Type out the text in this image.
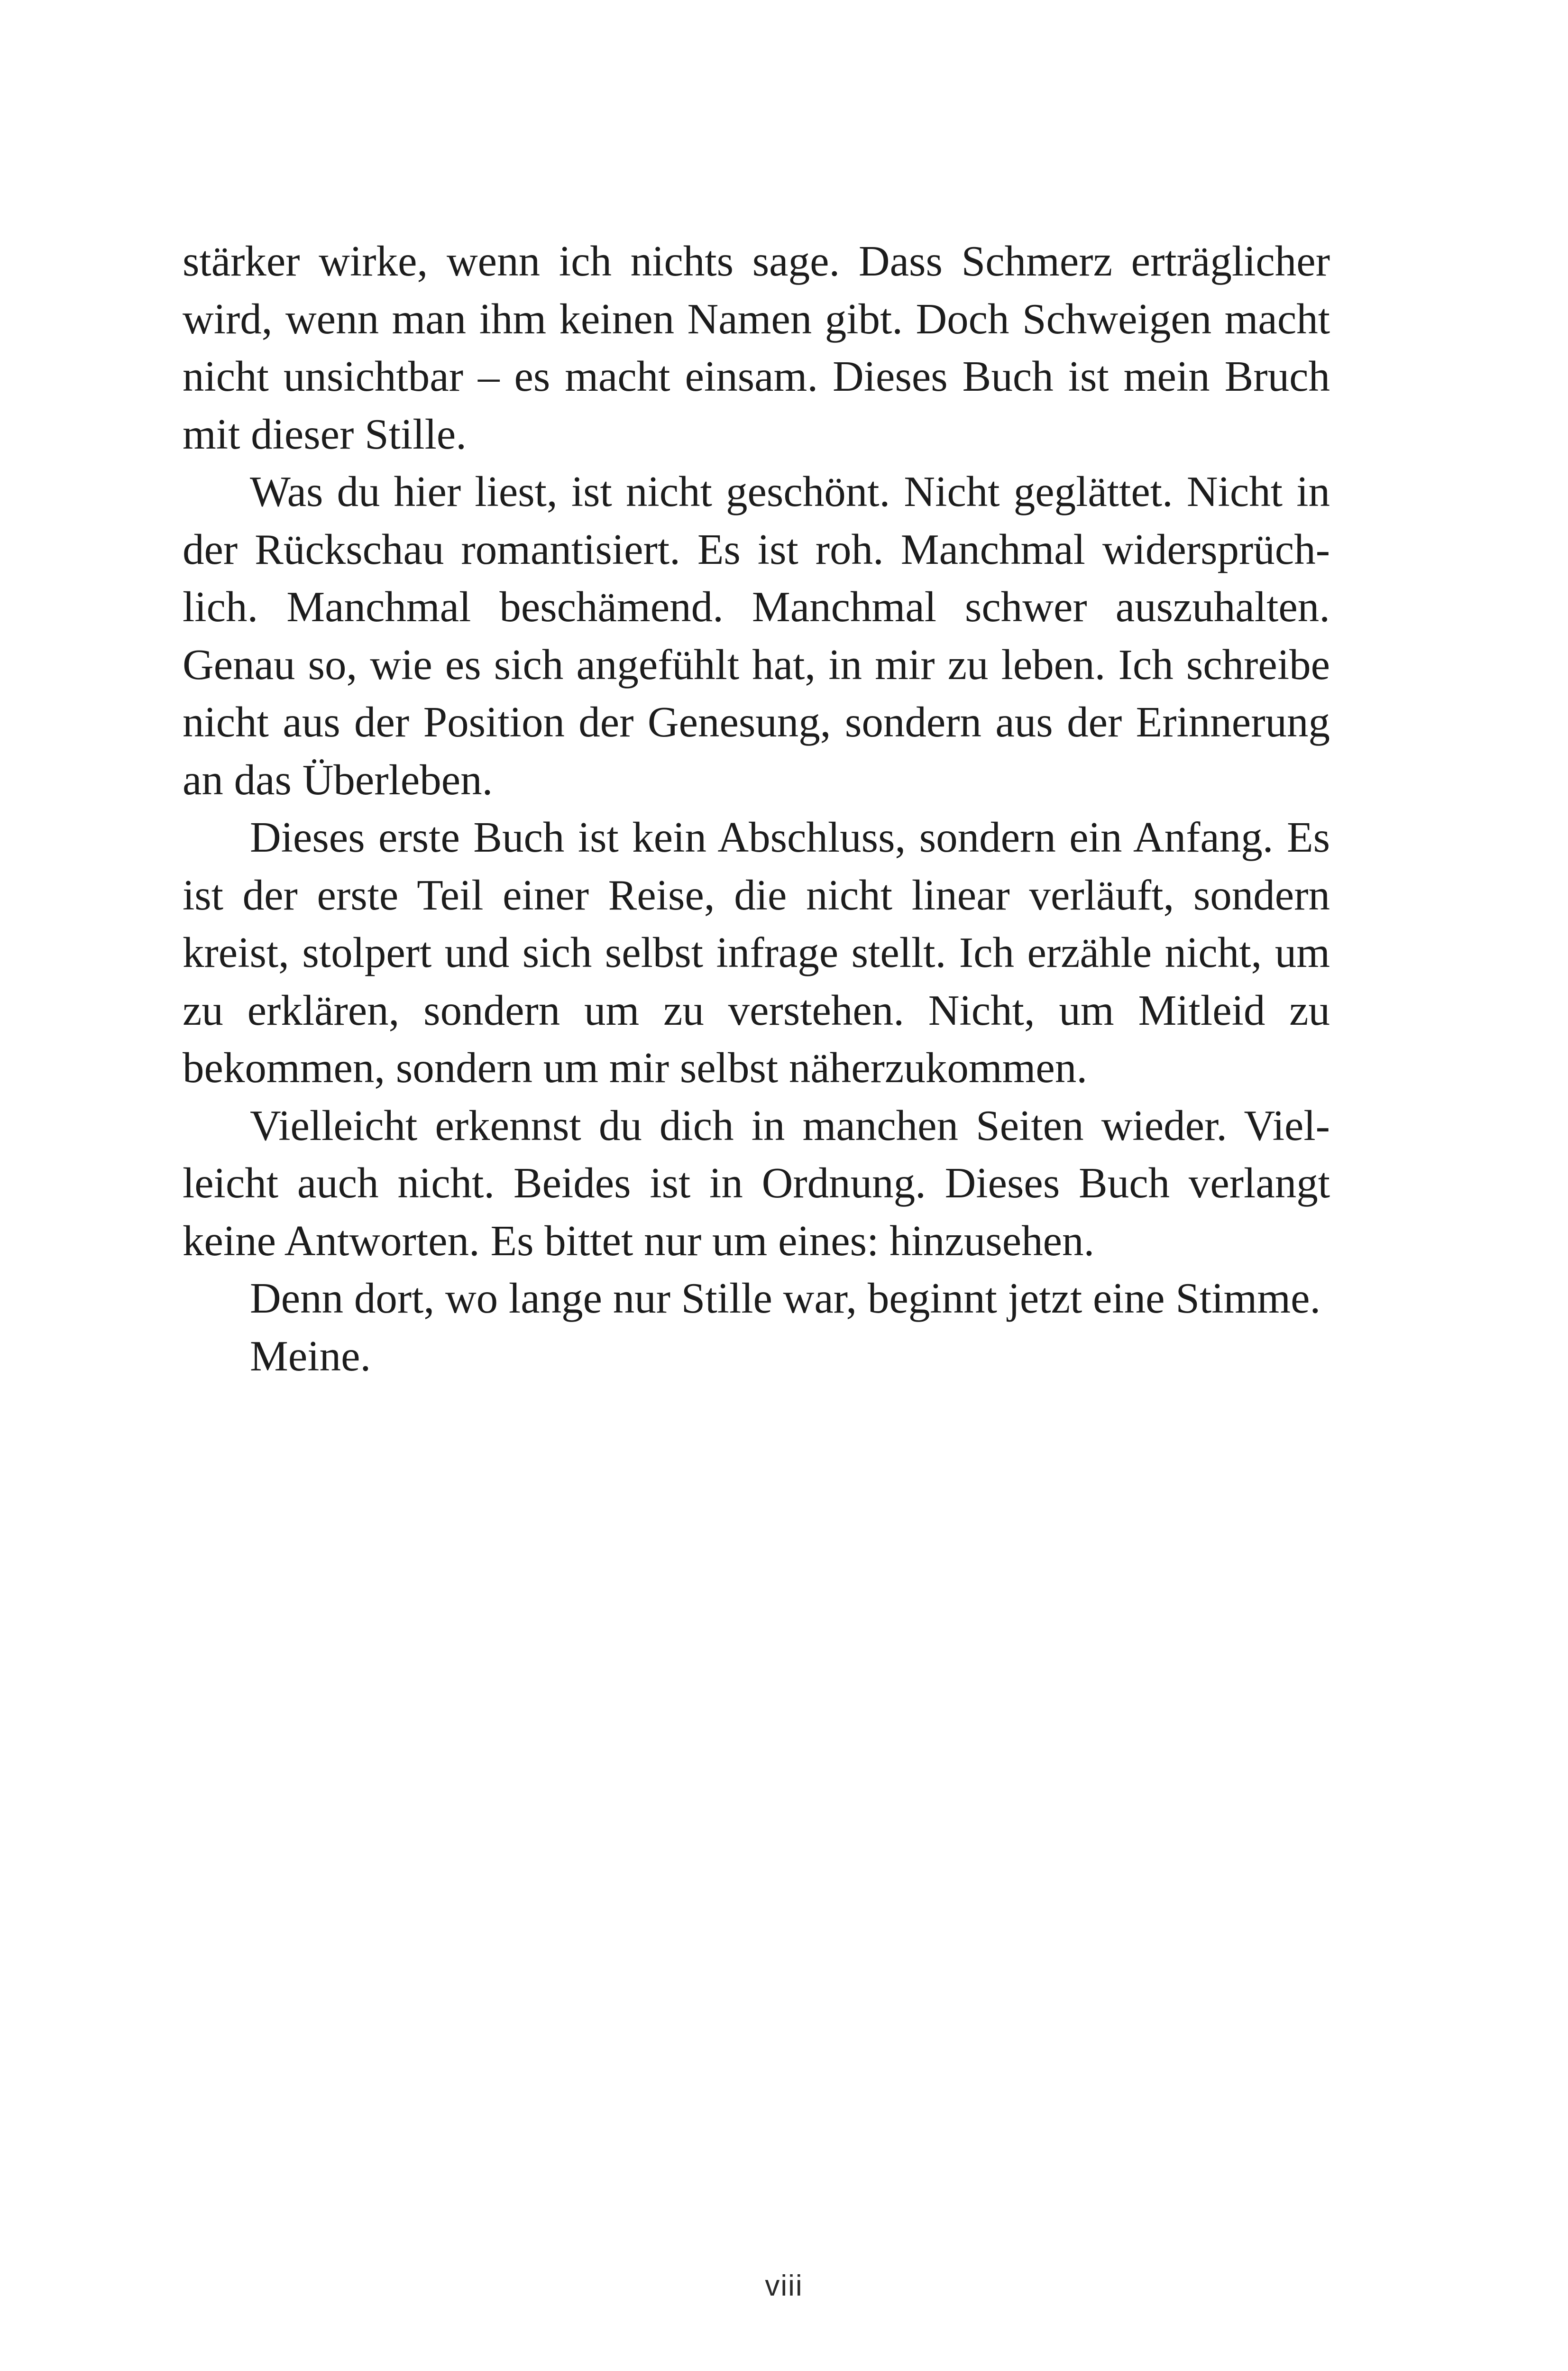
stärker wirke, wenn ich nichts sage. Dass Schmerz erträglicher
wird, wenn man ihm keinen Namen gibt. Doch Schweigen macht
nicht unsichtbar – es macht einsam. Dieses Buch ist mein Bruch
mit dieser Stille.
Was du hier liest, ist nicht geschönt. Nicht geglättet. Nicht in
der Rückschau romantisiert. Es ist roh. Manchmal widersprüch-
lich. Manchmal beschämend. Manchmal schwer auszuhalten.
Genau so, wie es sich angefühlt hat, in mir zu leben. Ich schreibe
nicht aus der Position der Genesung, sondern aus der Erinnerung
an das Überleben.
Dieses erste Buch ist kein Abschluss, sondern ein Anfang. Es
ist der erste Teil einer Reise, die nicht linear verläuft, sondern
kreist, stolpert und sich selbst infrage stellt. Ich erzähle nicht, um
zu erklären, sondern um zu verstehen. Nicht, um Mitleid zu
bekommen, sondern um mir selbst näherzukommen.
Vielleicht erkennst du dich in manchen Seiten wieder. Viel-
leicht auch nicht. Beides ist in Ordnung. Dieses Buch verlangt
keine Antworten. Es bittet nur um eines: hinzusehen.
Denn dort, wo lange nur Stille war, beginnt jetzt eine Stimme.
Meine.
viii
